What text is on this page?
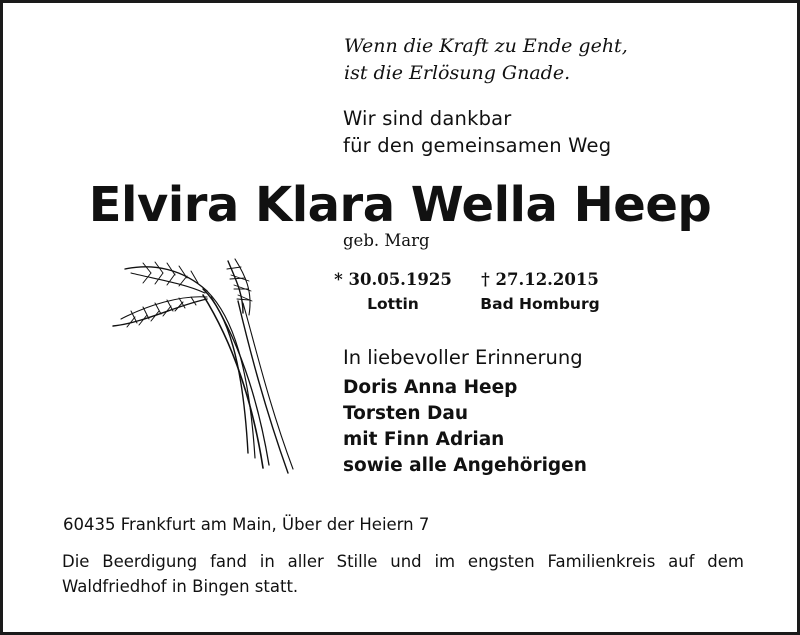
Wenn die Kraft zu Ende geht,
ist die Erlösung Gnade.
Wir sind dankbar
für den gemeinsamen Weg
Elvira Klara Wella Heep
geb. Marg
* 30.05.1925
Lottin
† 27.12.2015
Bad Homburg
In liebevoller Erinnerung
Doris Anna Heep
Torsten Dau
mit Finn Adrian
sowie alle Angehörigen
60435 Frankfurt am Main, Über der Heiern 7
Die Beerdigung fand in aller Stille und im engsten Familienkreis auf dem Waldfriedhof in Bingen statt.
